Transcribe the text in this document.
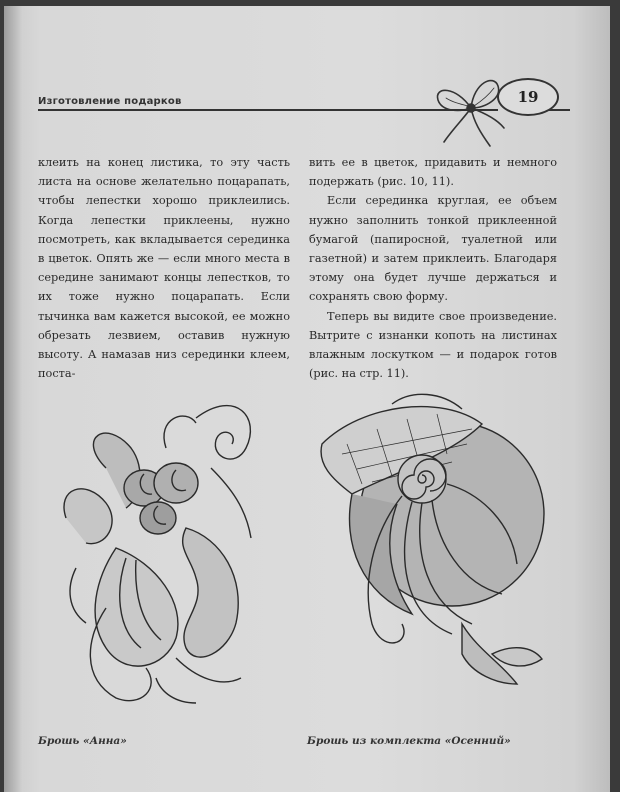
Изготовление подарков	19

клеить на конец листика, то эту часть листа на основе желательно поцарапать, чтобы лепестки хорошо приклеились. Когда лепестки приклеены, нужно посмотреть, как вкладывается серединка в цветок. Опять же — если много места в середине занимают концы лепестков, то их тоже нужно поцарапать. Если тычинка вам кажется высокой, ее можно обрезать лезвием, оставив нужную высоту. А намазав низ серединки клеем, поста-

вить ее в цветок, придавить и немного подержать (рис. 10, 11).

Если серединка круглая, ее объем нужно заполнить тонкой приклеенной бумагой (папиросной, туалетной или газетной) и затем приклеить. Благодаря этому она будет лучше держаться и сохранять свою форму.

Теперь вы видите свое произведение. Вытрите с изнанки копоть на листинах влажным лоскутком — и подарок готов (рис. на стр. 11).

Брошь «Анна»	Брошь из комплекта «Осенний»
